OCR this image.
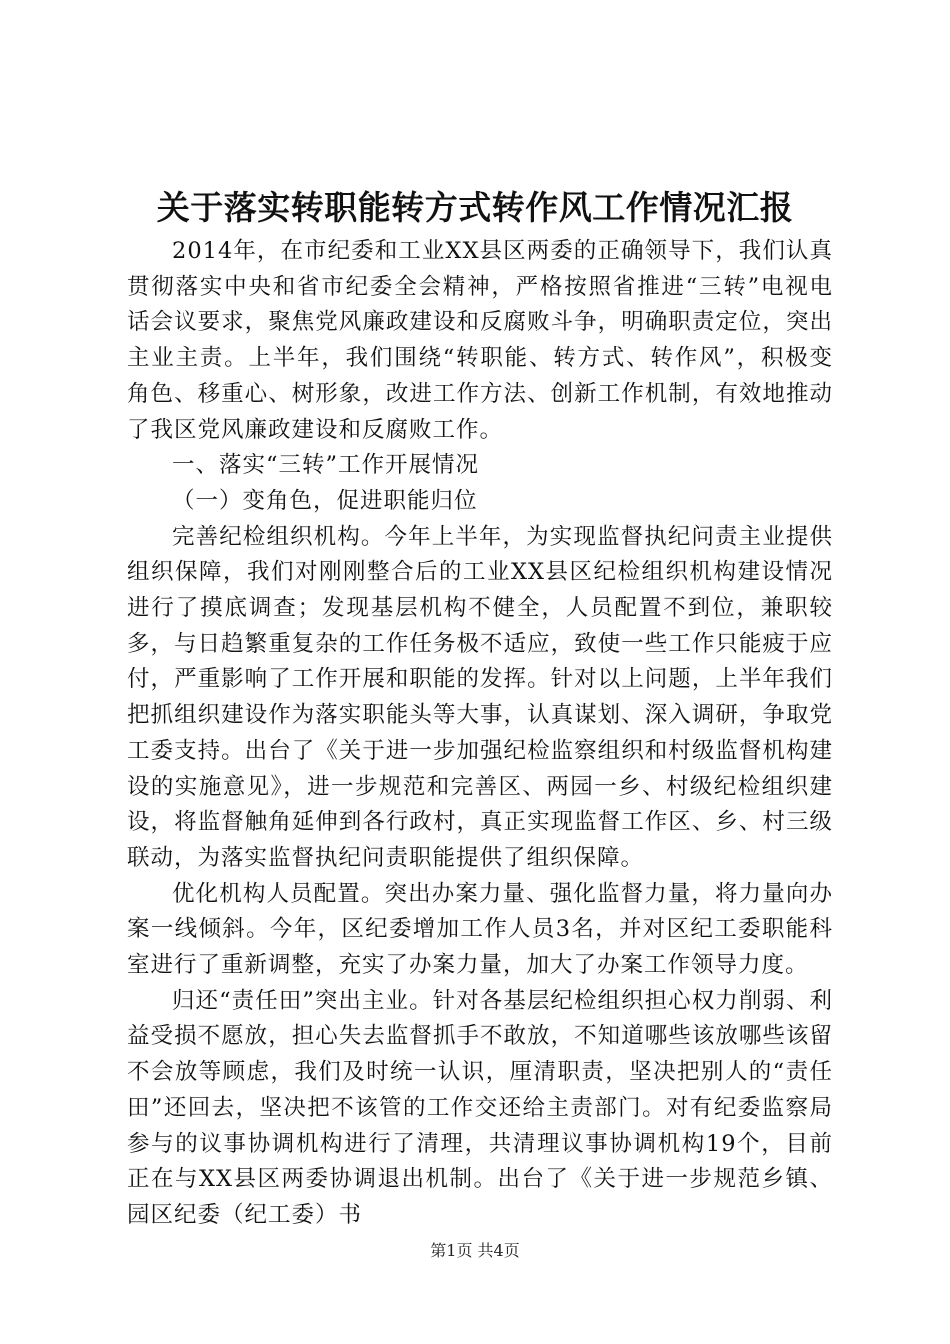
关于落实转职能转方式转作风工作情况汇报

2014年，在市纪委和工业XX县区两委的正确领导下，我们认真贯彻落实中央和省市纪委全会精神，严格按照省推进“三转”电视电话会议要求，聚焦党风廉政建设和反腐败斗争，明确职责定位，突出主业主责。上半年，我们围绕“转职能、转方式、转作风”，积极变角色、移重心、树形象，改进工作方法、创新工作机制，有效地推动了我区党风廉政建设和反腐败工作。

一、落实“三转”工作开展情况

（一）变角色，促进职能归位

完善纪检组织机构。今年上半年，为实现监督执纪问责主业提供组织保障，我们对刚刚整合后的工业XX县区纪检组织机构建设情况进行了摸底调查；发现基层机构不健全，人员配置不到位，兼职较多，与日趋繁重复杂的工作任务极不适应，致使一些工作只能疲于应付，严重影响了工作开展和职能的发挥。针对以上问题，上半年我们把抓组织建设作为落实职能头等大事，认真谋划、深入调研，争取党工委支持。出台了《关于进一步加强纪检监察组织和村级监督机构建设的实施意见》，进一步规范和完善区、两园一乡、村级纪检组织建设，将监督触角延伸到各行政村，真正实现监督工作区、乡、村三级联动，为落实监督执纪问责职能提供了组织保障。

优化机构人员配置。突出办案力量、强化监督力量，将力量向办案一线倾斜。今年，区纪委增加工作人员3名，并对区纪工委职能科室进行了重新调整，充实了办案力量，加大了办案工作领导力度。

归还“责任田”突出主业。针对各基层纪检组织担心权力削弱、利益受损不愿放，担心失去监督抓手不敢放，不知道哪些该放哪些该留不会放等顾虑，我们及时统一认识，厘清职责，坚决把别人的“责任田”还回去，坚决把不该管的工作交还给主责部门。对有纪委监察局参与的议事协调机构进行了清理，共清理议事协调机构19个，目前正在与XX县区两委协调退出机制。出台了《关于进一步规范乡镇、园区纪委（纪工委）书

第1页 共4页
